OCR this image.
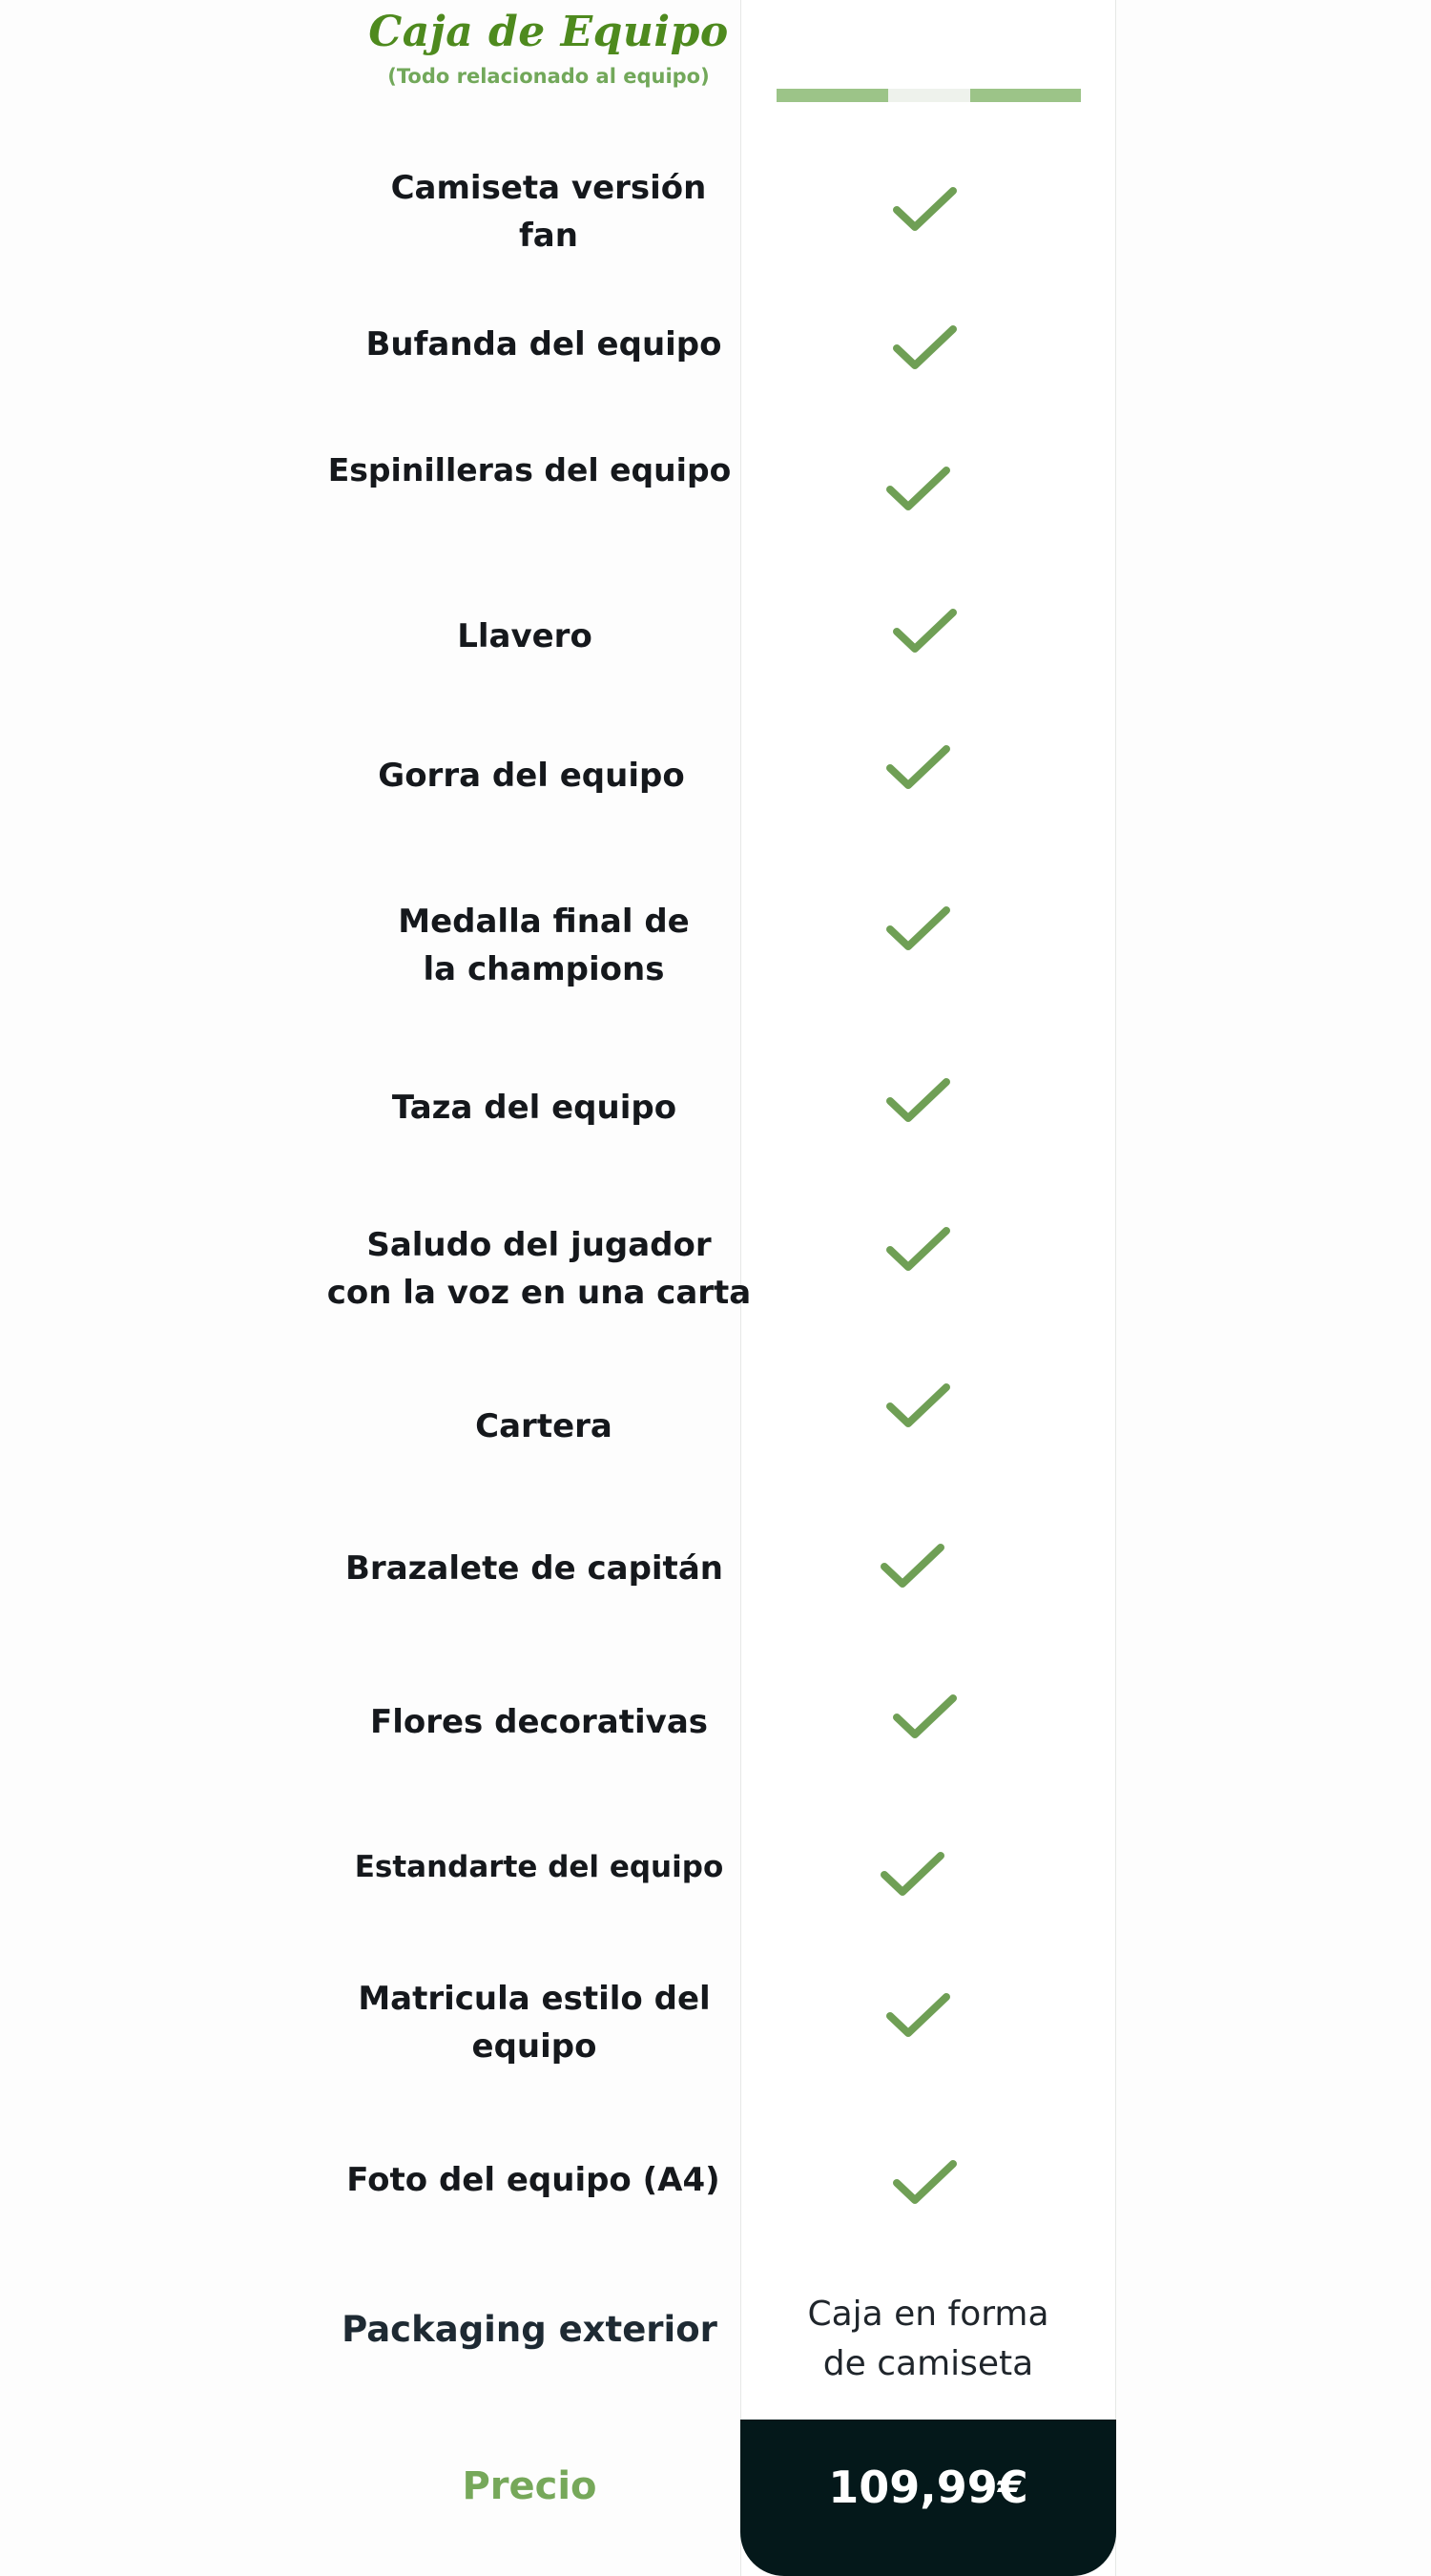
Caja de Equipo
(Todo relacionado al equipo)
Camiseta versión
fan
Bufanda del equipo
Espinilleras del equipo
Llavero
Gorra del equipo
Medalla final de
la champions
Taza del equipo
Saludo del jugador
con la voz en una carta
Cartera
Brazalete de capitán
Flores decorativas
Estandarte del equipo
Matricula estilo del
equipo
Foto del equipo (A4)
Packaging exterior	Caja en forma
de camiseta
Precio	109,99€
